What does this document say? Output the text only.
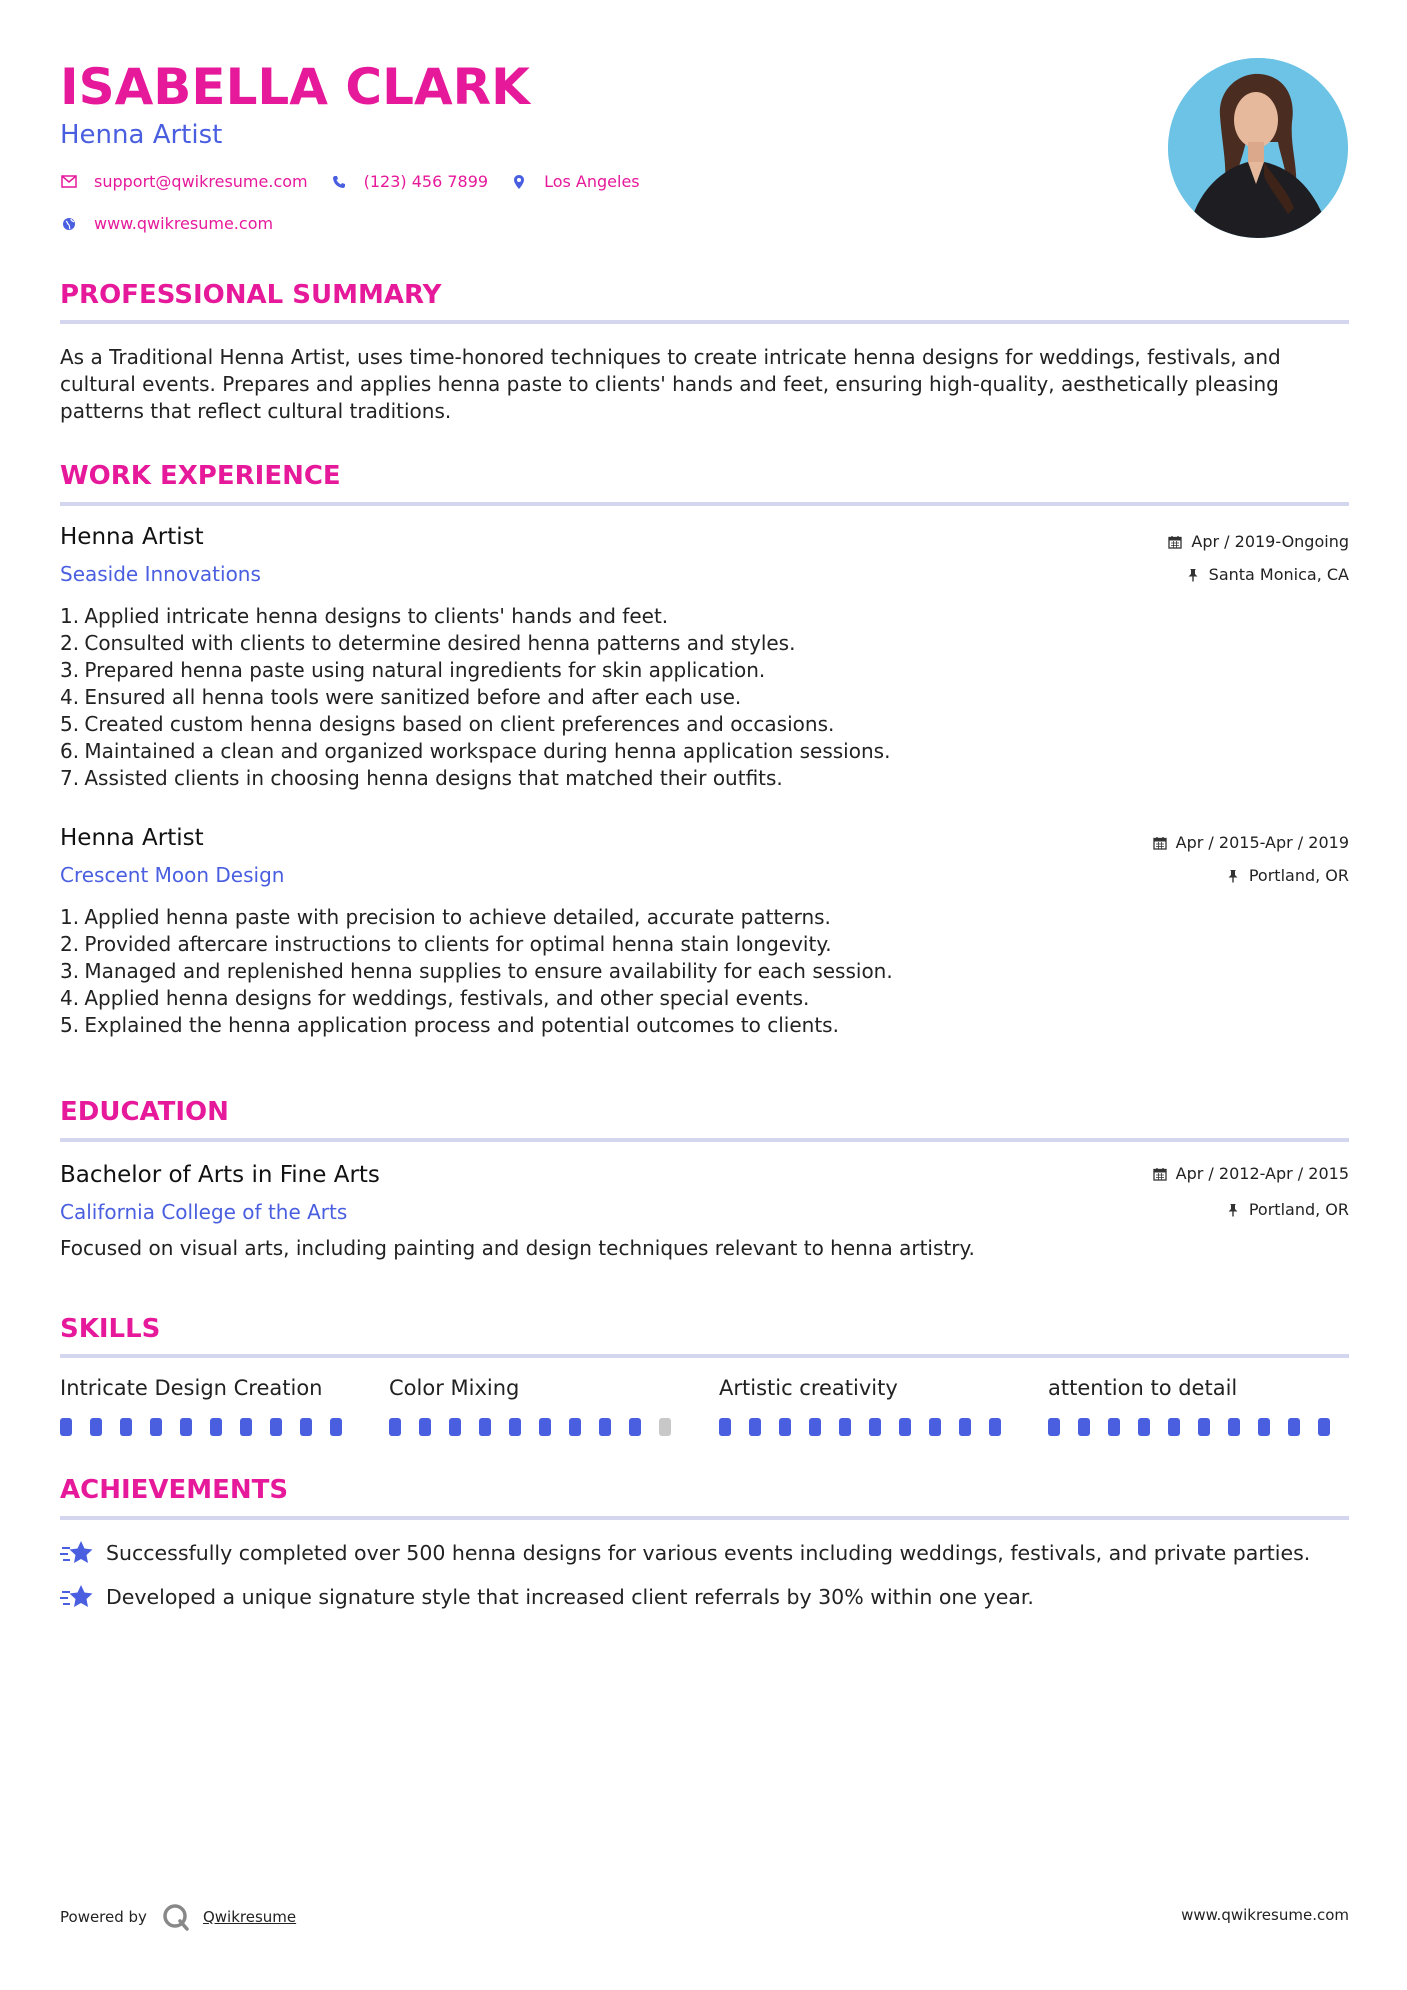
ISABELLA CLARK
Henna Artist
support@qwikresume.com	(123) 456 7899	Los Angeles
www.qwikresume.com
PROFESSIONAL SUMMARY
As a Traditional Henna Artist, uses time-honored techniques to create intricate henna designs for weddings, festivals, and cultural events. Prepares and applies henna paste to clients' hands and feet, ensuring high-quality, aesthetically pleasing patterns that reflect cultural traditions.
WORK EXPERIENCE
Henna Artist
Seaside Innovations
Apr / 2019-Ongoing
Santa Monica, CA
1.
Applied intricate henna designs to clients' hands and feet.
2.
Consulted with clients to determine desired henna patterns and styles.
3.
Prepared henna paste using natural ingredients for skin application.
4.
Ensured all henna tools were sanitized before and after each use.
5.
Created custom henna designs based on client preferences and occasions.
6.
Maintained a clean and organized workspace during henna application sessions.
7.
Assisted clients in choosing henna designs that matched their outfits.
Henna Artist
Crescent Moon Design
Apr / 2015-Apr / 2019
Portland, OR
1.
Applied henna paste with precision to achieve detailed, accurate patterns.
2.
Provided aftercare instructions to clients for optimal henna stain longevity.
3.
Managed and replenished henna supplies to ensure availability for each session.
4.
Applied henna designs for weddings, festivals, and other special events.
5.
Explained the henna application process and potential outcomes to clients.
EDUCATION
Bachelor of Arts in Fine Arts
California College of the Arts
Apr / 2012-Apr / 2015
Portland, OR
Focused on visual arts, including painting and design techniques relevant to henna artistry.
SKILLS
Intricate Design Creation	Color Mixing	Artistic creativity	attention to detail
ACHIEVEMENTS
Successfully completed over 500 henna designs for various events including weddings, festivals, and private parties.
Developed a unique signature style that increased client referrals by 30% within one year.
Powered by	Qwikresume	www.qwikresume.com
